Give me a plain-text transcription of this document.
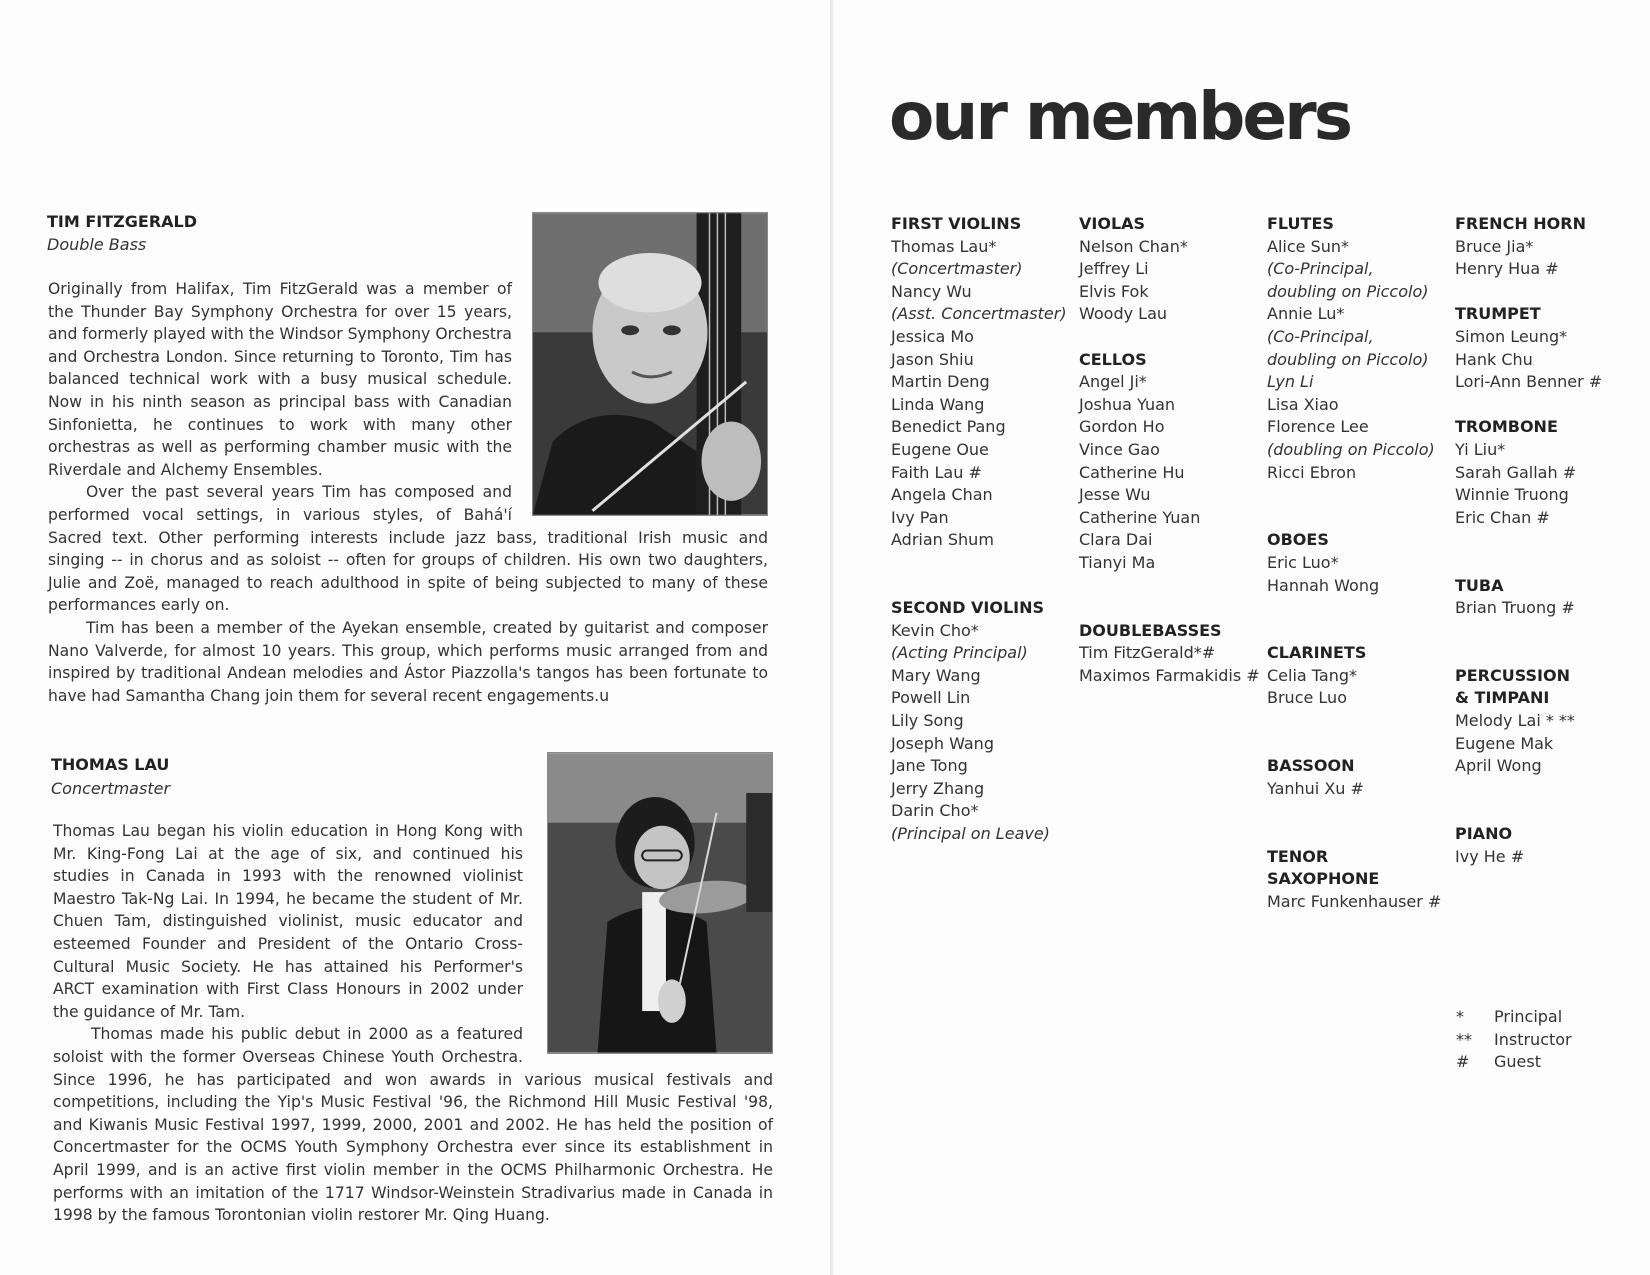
TIM FITZGERALD
Double Bass

Originally from Halifax, Tim FitzGerald was a member of the Thunder Bay Symphony Orchestra for over 15 years, and formerly played with the Windsor Symphony Orchestra and Orchestra London. Since returning to Toronto, Tim has balanced technical work with a busy musical schedule. Now in his ninth season as principal bass with Canadian Sinfonietta, he continues to work with many other orchestras as well as performing chamber music with the Riverdale and Alchemy Ensembles.

Over the past several years Tim has composed and performed vocal settings, in various styles, of Bahá'í Sacred text. Other performing interests include jazz bass, traditional Irish music and singing -- in chorus and as soloist -- often for groups of children. His own two daughters, Julie and Zoë, managed to reach adulthood in spite of being subjected to many of these performances early on.

Tim has been a member of the Ayekan ensemble, created by guitarist and composer Nano Valverde, for almost 10 years. This group, which performs music arranged from and inspired by traditional Andean melodies and Ástor Piazzolla's tangos has been fortunate to have had Samantha Chang join them for several recent engagements.u

THOMAS LAU
Concertmaster

Thomas Lau began his violin education in Hong Kong with Mr. King-Fong Lai at the age of six, and continued his studies in Canada in 1993 with the renowned violinist Maestro Tak-Ng Lai. In 1994, he became the student of Mr. Chuen Tam, distinguished violinist, music educator and esteemed Founder and President of the Ontario Cross-Cultural Music Society. He has attained his Performer's ARCT examination with First Class Honours in 2002 under the guidance of Mr. Tam.

Thomas made his public debut in 2000 as a featured soloist with the former Overseas Chinese Youth Orchestra. Since 1996, he has participated and won awards in various musical festivals and competitions, including the Yip's Music Festival '96, the Richmond Hill Music Festival '98, and Kiwanis Music Festival 1997, 1999, 2000, 2001 and 2002. He has held the position of Concertmaster for the OCMS Youth Symphony Orchestra ever since its establishment in April 1999, and is an active first violin member in the OCMS Philharmonic Orchestra. He performs with an imitation of the 1717 Windsor-Weinstein Stradivarius made in Canada in 1998 by the famous Torontonian violin restorer Mr. Qing Huang.

our members
FIRST VIOLINS
Thomas Lau*
(Concertmaster)
Nancy Wu
(Asst. Concertmaster)
Jessica Mo
Jason Shiu
Martin Deng
Linda Wang
Benedict Pang
Eugene Oue
Faith Lau #
Angela Chan
Ivy Pan
Adrian Shum
SECOND VIOLINS
Kevin Cho*
(Acting Principal)
Mary Wang
Powell Lin
Lily Song
Joseph Wang
Jane Tong
Jerry Zhang
Darin Cho*
(Principal on Leave)
VIOLAS
Nelson Chan*
Jeffrey Li
Elvis Fok
Woody Lau
CELLOS
Angel Ji*
Joshua Yuan
Gordon Ho
Vince Gao
Catherine Hu
Jesse Wu
Catherine Yuan
Clara Dai
Tianyi Ma
DOUBLEBASSES
Tim FitzGerald*#
Maximos Farmakidis #
FLUTES
Alice Sun*
(Co-Principal,
doubling on Piccolo)
Annie Lu*
(Co-Principal,
doubling on Piccolo)
Lyn Li
Lisa Xiao
Florence Lee
(doubling on Piccolo)
Ricci Ebron
OBOES
Eric Luo*
Hannah Wong
CLARINETS
Celia Tang*
Bruce Luo
BASSOON
Yanhui Xu #
TENOR
SAXOPHONE
Marc Funkenhauser #
FRENCH HORN
Bruce Jia*
Henry Hua #
TRUMPET
Simon Leung*
Hank Chu
Lori-Ann Benner #
TROMBONE
Yi Liu*
Sarah Gallah #
Winnie Truong
Eric Chan #
TUBA
Brian Truong #
PERCUSSION
& TIMPANI
Melody Lai * **
Eugene Mak
April Wong
PIANO
Ivy He #
*	Principal
**	Instructor
#	Guest
